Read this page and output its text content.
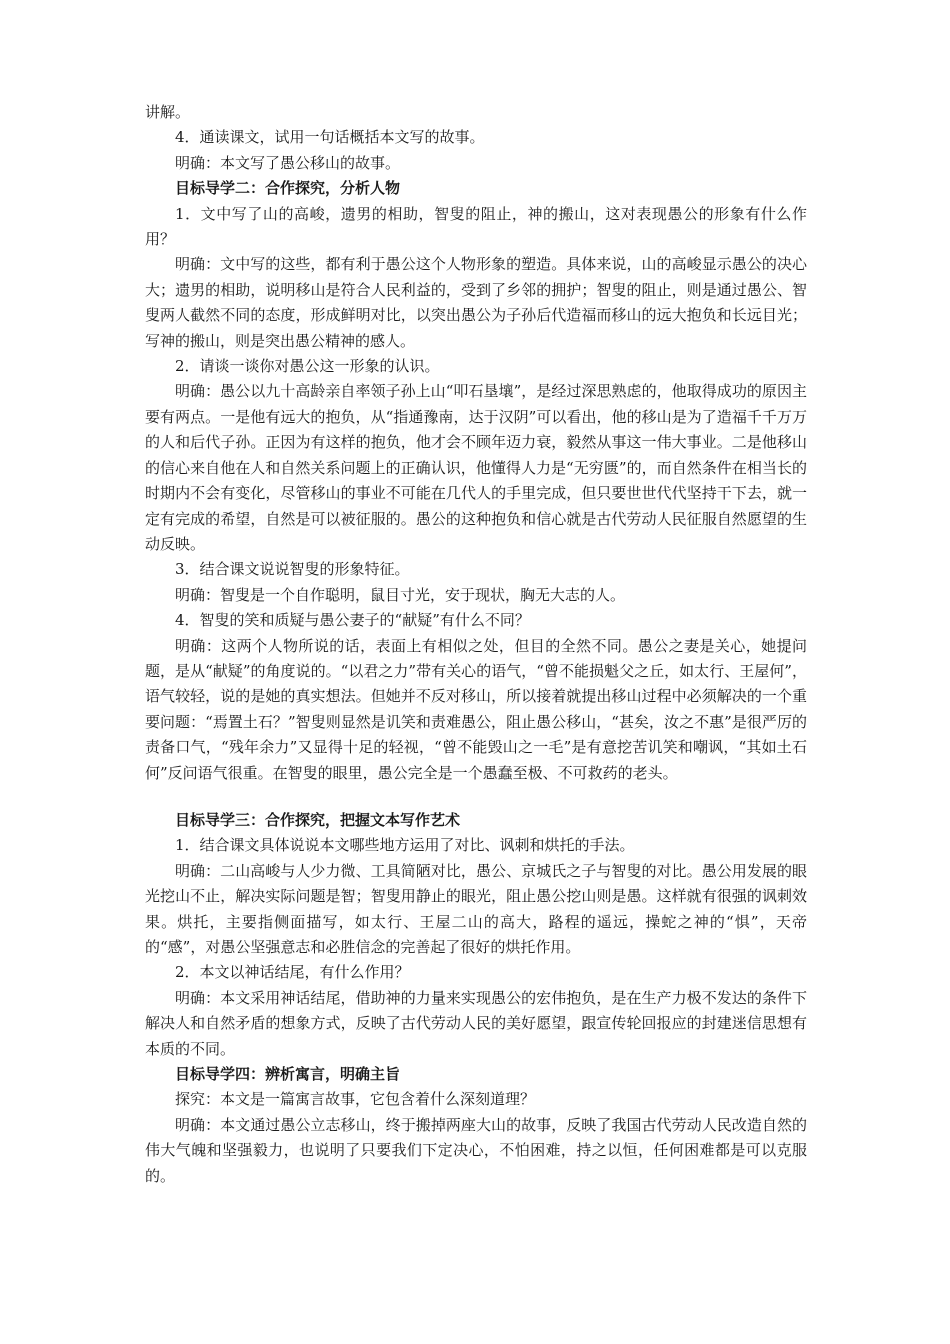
讲解。

4．通读课文，试用一句话概括本文写的故事。

明确：本文写了愚公移山的故事。

目标导学二：合作探究，分析人物

1．文中写了山的高峻，遗男的相助，智叟的阻止，神的搬山，这对表现愚公的形象有什么作用？

明确：文中写的这些，都有利于愚公这个人物形象的塑造。具体来说，山的高峻显示愚公的决心大；遗男的相助，说明移山是符合人民利益的，受到了乡邻的拥护；智叟的阻止，则是通过愚公、智叟两人截然不同的态度，形成鲜明对比，以突出愚公为子孙后代造福而移山的远大抱负和长远目光；写神的搬山，则是突出愚公精神的感人。

2．请谈一谈你对愚公这一形象的认识。

明确：愚公以九十高龄亲自率领子孙上山“叩石垦壤”，是经过深思熟虑的，他取得成功的原因主要有两点。一是他有远大的抱负，从“指通豫南，达于汉阴”可以看出，他的移山是为了造福千千万万的人和后代子孙。正因为有这样的抱负，他才会不顾年迈力衰，毅然从事这一伟大事业。二是他移山的信心来自他在人和自然关系问题上的正确认识，他懂得人力是“无穷匮”的，而自然条件在相当长的时期内不会有变化，尽管移山的事业不可能在几代人的手里完成，但只要世世代代坚持干下去，就一定有完成的希望，自然是可以被征服的。愚公的这种抱负和信心就是古代劳动人民征服自然愿望的生动反映。

3．结合课文说说智叟的形象特征。

明确：智叟是一个自作聪明，鼠目寸光，安于现状，胸无大志的人。

4．智叟的笑和质疑与愚公妻子的“献疑”有什么不同？

明确：这两个人物所说的话，表面上有相似之处，但目的全然不同。愚公之妻是关心，她提问题，是从“献疑”的角度说的。“以君之力”带有关心的语气，“曾不能损魁父之丘，如太行、王屋何”，语气较轻，说的是她的真实想法。但她并不反对移山，所以接着就提出移山过程中必须解决的一个重要问题：“焉置土石？”智叟则显然是讥笑和责难愚公，阻止愚公移山，“甚矣，汝之不惠”是很严厉的责备口气，“残年余力”又显得十足的轻视，“曾不能毁山之一毛”是有意挖苦讥笑和嘲讽，“其如土石何”反问语气很重。在智叟的眼里，愚公完全是一个愚蠢至极、不可救药的老头。

目标导学三：合作探究，把握文本写作艺术

1．结合课文具体说说本文哪些地方运用了对比、讽刺和烘托的手法。

明确：二山高峻与人少力微、工具简陋对比，愚公、京城氏之子与智叟的对比。愚公用发展的眼光挖山不止，解决实际问题是智；智叟用静止的眼光，阻止愚公挖山则是愚。这样就有很强的讽刺效果。烘托，主要指侧面描写，如太行、王屋二山的高大，路程的遥远，操蛇之神的“惧”，天帝的“感”，对愚公坚强意志和必胜信念的完善起了很好的烘托作用。

2．本文以神话结尾，有什么作用？

明确：本文采用神话结尾，借助神的力量来实现愚公的宏伟抱负，是在生产力极不发达的条件下解决人和自然矛盾的想象方式，反映了古代劳动人民的美好愿望，跟宣传轮回报应的封建迷信思想有本质的不同。

目标导学四：辨析寓言，明确主旨

探究：本文是一篇寓言故事，它包含着什么深刻道理？

明确：本文通过愚公立志移山，终于搬掉两座大山的故事，反映了我国古代劳动人民改造自然的伟大气魄和坚强毅力，也说明了只要我们下定决心，不怕困难，持之以恒，任何困难都是可以克服的。
